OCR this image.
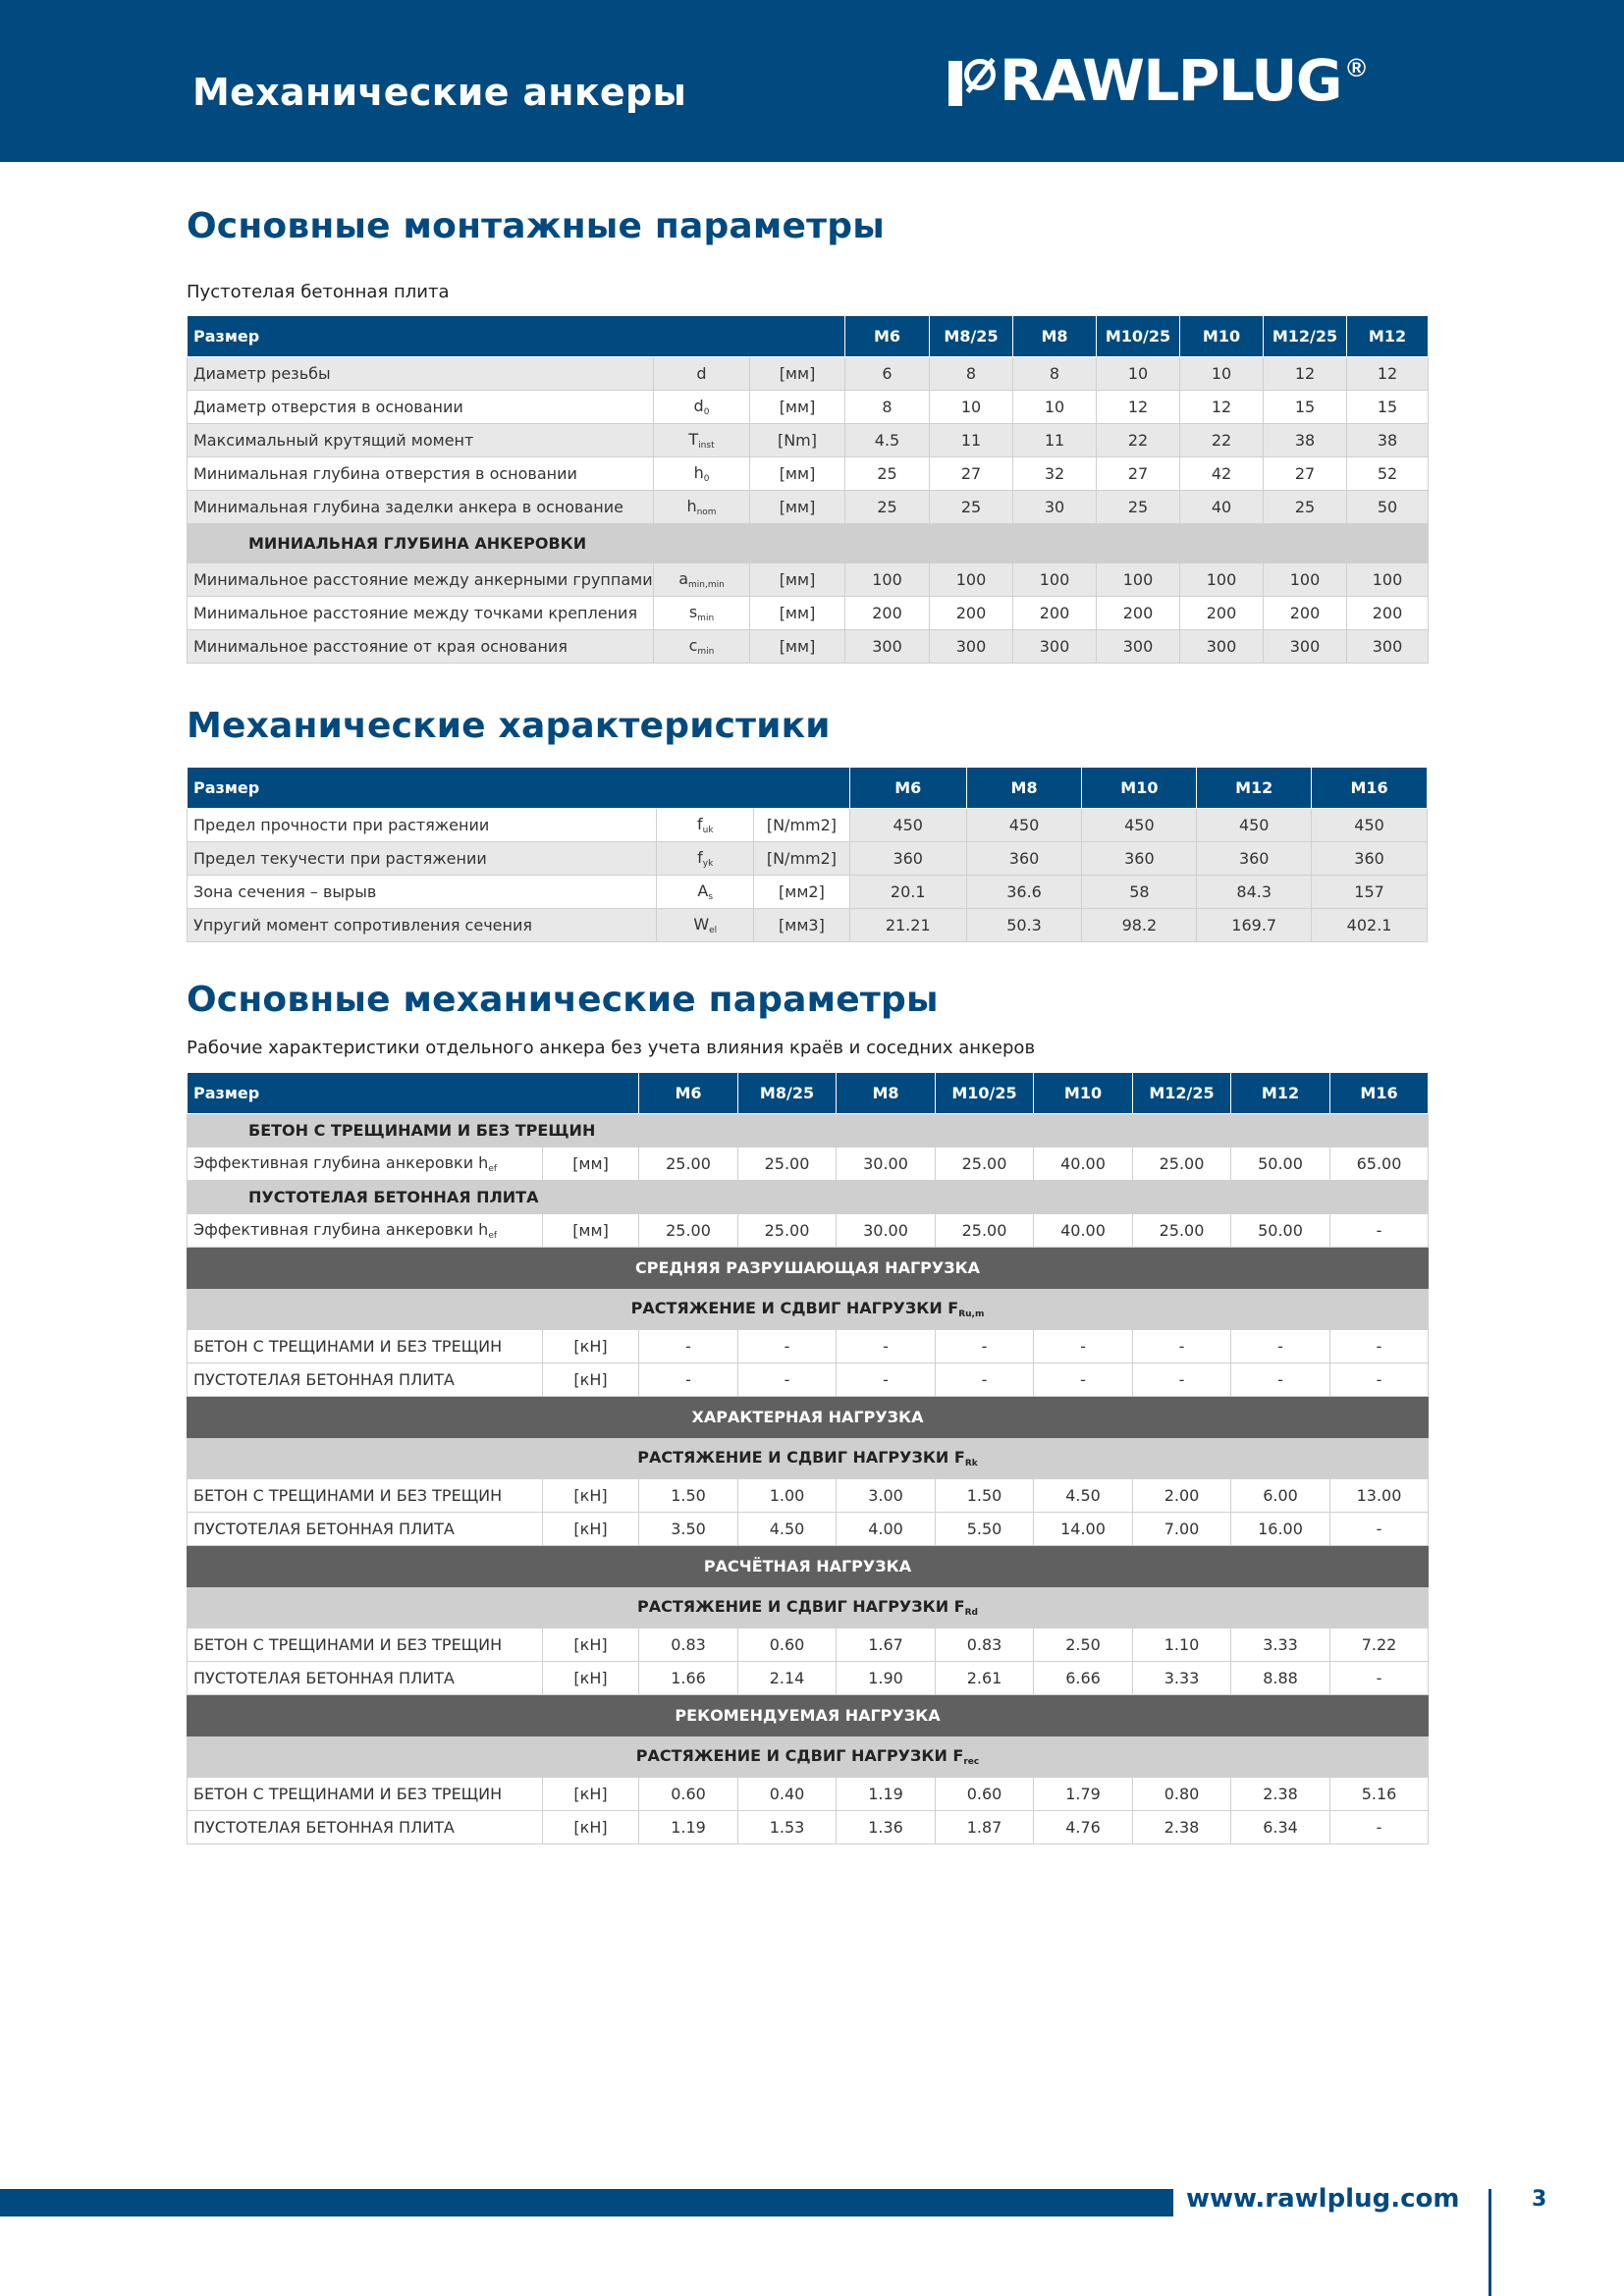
Механические анкеры	RAWLPLUG ®
Основные монтажные параметры
Пустотелая бетонная плита
Размер			M6	M8/25	M8	M10/25	M10	M12/25	M12
Диаметр резьбы	d	[мм]	6	8	8	10	10	12	12
Диаметр отверстия в основании	$d_0$	[мм]	8	10	10	12	12	15	15
Максимальный крутящий момент	$T_{inst}$	[Nm]	4.5	11	11	22	22	38	38
Минимальная глубина отверстия в основании	$h_0$	[мм]	25	27	32	27	42	27	52
Минимальная глубина заделки анкера в основание	$h_{nom}$	[мм]	25	25	30	25	40	25	50
МИНИАЛЬНАЯ ГЛУБИНА АНКЕРОВКИ									
Минимальное расстояние между анкерными группами	$a_{min,min}$	[мм]	100	100	100	100	100	100	100
Минимальное расстояние между точками крепления	$s_{min}$	[мм]	200	200	200	200	200	200	200
Минимальное расстояние от края основания	$c_{min}$	[мм]	300	300	300	300	300	300	300
Механические характеристики
Размер			M6	M8	M10	M12	M16
Предел прочности при растяжении	$f_{uk}$	[N/mm2]	450	450	450	450	450
Предел текучести при растяжении	$f_{yk}$	[N/mm2]	360	360	360	360	360
Зона сечения – вырыв	$A_s$	[мм2]	20.1	36.6	58	84.3	157
Упругий момент сопротивления сечения	$W_{el}$	[мм3]	21.21	50.3	98.2	169.7	402.1
Основные механические параметры
Рабочие характеристики отдельного анкера без учета влияния краёв и соседних анкеров
Размер		M6	M8/25	M8	M10/25	M10	M12/25	M12	M16
БЕТОН С ТРЕЩИНАМИ И БЕЗ ТРЕЩИН									
Эффективная глубина анкеровки $h_{ef}$	[мм]	25.00	25.00	30.00	25.00	40.00	25.00	50.00	65.00
ПУСТОТЕЛАЯ БЕТОННАЯ ПЛИТА									
Эффективная глубина анкеровки $h_{ef}$	[мм]	25.00	25.00	30.00	25.00	40.00	25.00	50.00	-
СРЕДНЯЯ РАЗРУШАЮЩАЯ НАГРУЗКА									
РАСТЯЖЕНИЕ И СДВИГ НАГРУЗКИ $F_{Ru,m}$
БЕТОН С ТРЕЩИНАМИ И БЕЗ ТРЕЩИН	[кН]	-	-	-	-	-	-	-	-
ПУСТОТЕЛАЯ БЕТОННАЯ ПЛИТА	[кН]	-	-	-	-	-	-	-	-
ХАРАКТЕРНАЯ НАГРУЗКА									
РАСТЯЖЕНИЕ И СДВИГ НАГРУЗКИ $F_{Rk}$
БЕТОН С ТРЕЩИНАМИ И БЕЗ ТРЕЩИН	[кН]	1.50	1.00	3.00	1.50	4.50	2.00	6.00	13.00
ПУСТОТЕЛАЯ БЕТОННАЯ ПЛИТА	[кН]	3.50	4.50	4.00	5.50	14.00	7.00	16.00	-
РАСЧЁТНАЯ НАГРУЗКА									
РАСТЯЖЕНИЕ И СДВИГ НАГРУЗКИ $F_{Rd}$
БЕТОН С ТРЕЩИНАМИ И БЕЗ ТРЕЩИН	[кН]	0.83	0.60	1.67	0.83	2.50	1.10	3.33	7.22
ПУСТОТЕЛАЯ БЕТОННАЯ ПЛИТА	[кН]	1.66	2.14	1.90	2.61	6.66	3.33	8.88	-
РЕКОМЕНДУЕМАЯ НАГРУЗКА									
РАСТЯЖЕНИЕ И СДВИГ НАГРУЗКИ $F_{rec}$
БЕТОН С ТРЕЩИНАМИ И БЕЗ ТРЕЩИН	[кН]	0.60	0.40	1.19	0.60	1.79	0.80	2.38	5.16
ПУСТОТЕЛАЯ БЕТОННАЯ ПЛИТА	[кН]	1.19	1.53	1.36	1.87	4.76	2.38	6.34	-
www.rawlplug.com	3
